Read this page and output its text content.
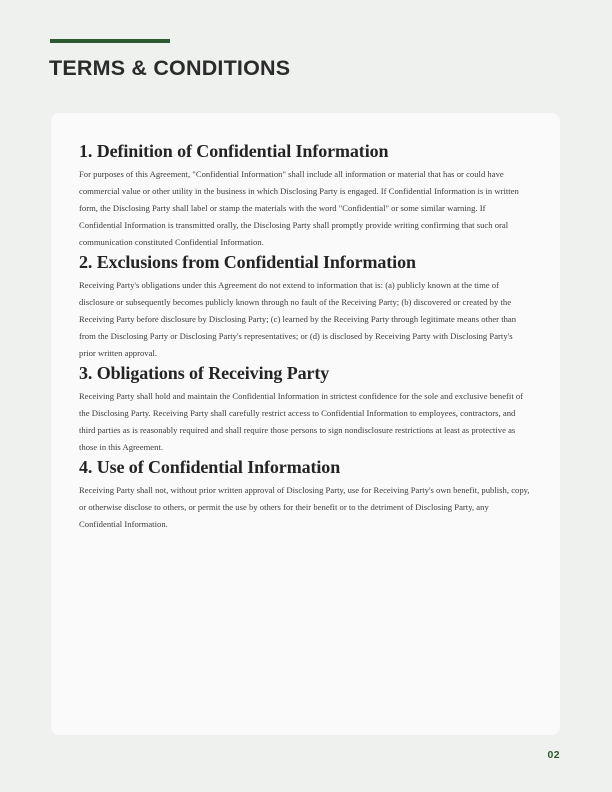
TERMS & CONDITIONS
1. Definition of Confidential Information

For purposes of this Agreement, "Confidential Information" shall include all information or material that has or could have commercial value or other utility in the business in which Disclosing Party is engaged. If Confidential Information is in written form, the Disclosing Party shall label or stamp the materials with the word "Confidential" or some similar warning. If Confidential Information is transmitted orally, the Disclosing Party shall promptly provide writing confirming that such oral communication constituted Confidential Information.

2. Exclusions from Confidential Information

Receiving Party's obligations under this Agreement do not extend to information that is: (a) publicly known at the time of disclosure or subsequently becomes publicly known through no fault of the Receiving Party; (b) discovered or created by the Receiving Party before disclosure by Disclosing Party; (c) learned by the Receiving Party through legitimate means other than from the Disclosing Party or Disclosing Party's representatives; or (d) is disclosed by Receiving Party with Disclosing Party's prior written approval.

3. Obligations of Receiving Party

Receiving Party shall hold and maintain the Confidential Information in strictest confidence for the sole and exclusive benefit of the Disclosing Party. Receiving Party shall carefully restrict access to Confidential Information to employees, contractors, and third parties as is reasonably required and shall require those persons to sign nondisclosure restrictions at least as protective as those in this Agreement.

4. Use of Confidential Information

Receiving Party shall not, without prior written approval of Disclosing Party, use for Receiving Party's own benefit, publish, copy, or otherwise disclose to others, or permit the use by others for their benefit or to the detriment of Disclosing Party, any Confidential Information.

02
